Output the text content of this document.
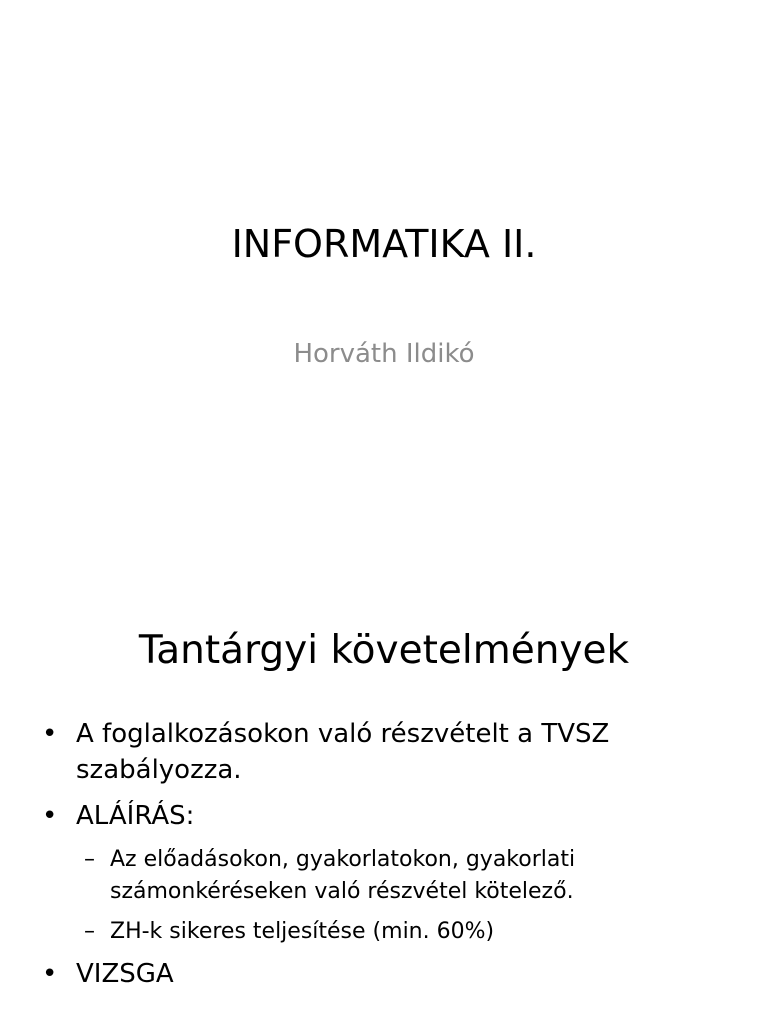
INFORMATIKA II.
Horváth Ildikó
Tantárgyi követelmények
• A foglalkozásokon való részvételt a TVSZ szabályozza.
• ALÁÍRÁS:
– Az előadásokon, gyakorlatokon, gyakorlati számonkéréseken való részvétel kötelező.
– ZH-k sikeres teljesítése (min. 60%)
• VIZSGA
